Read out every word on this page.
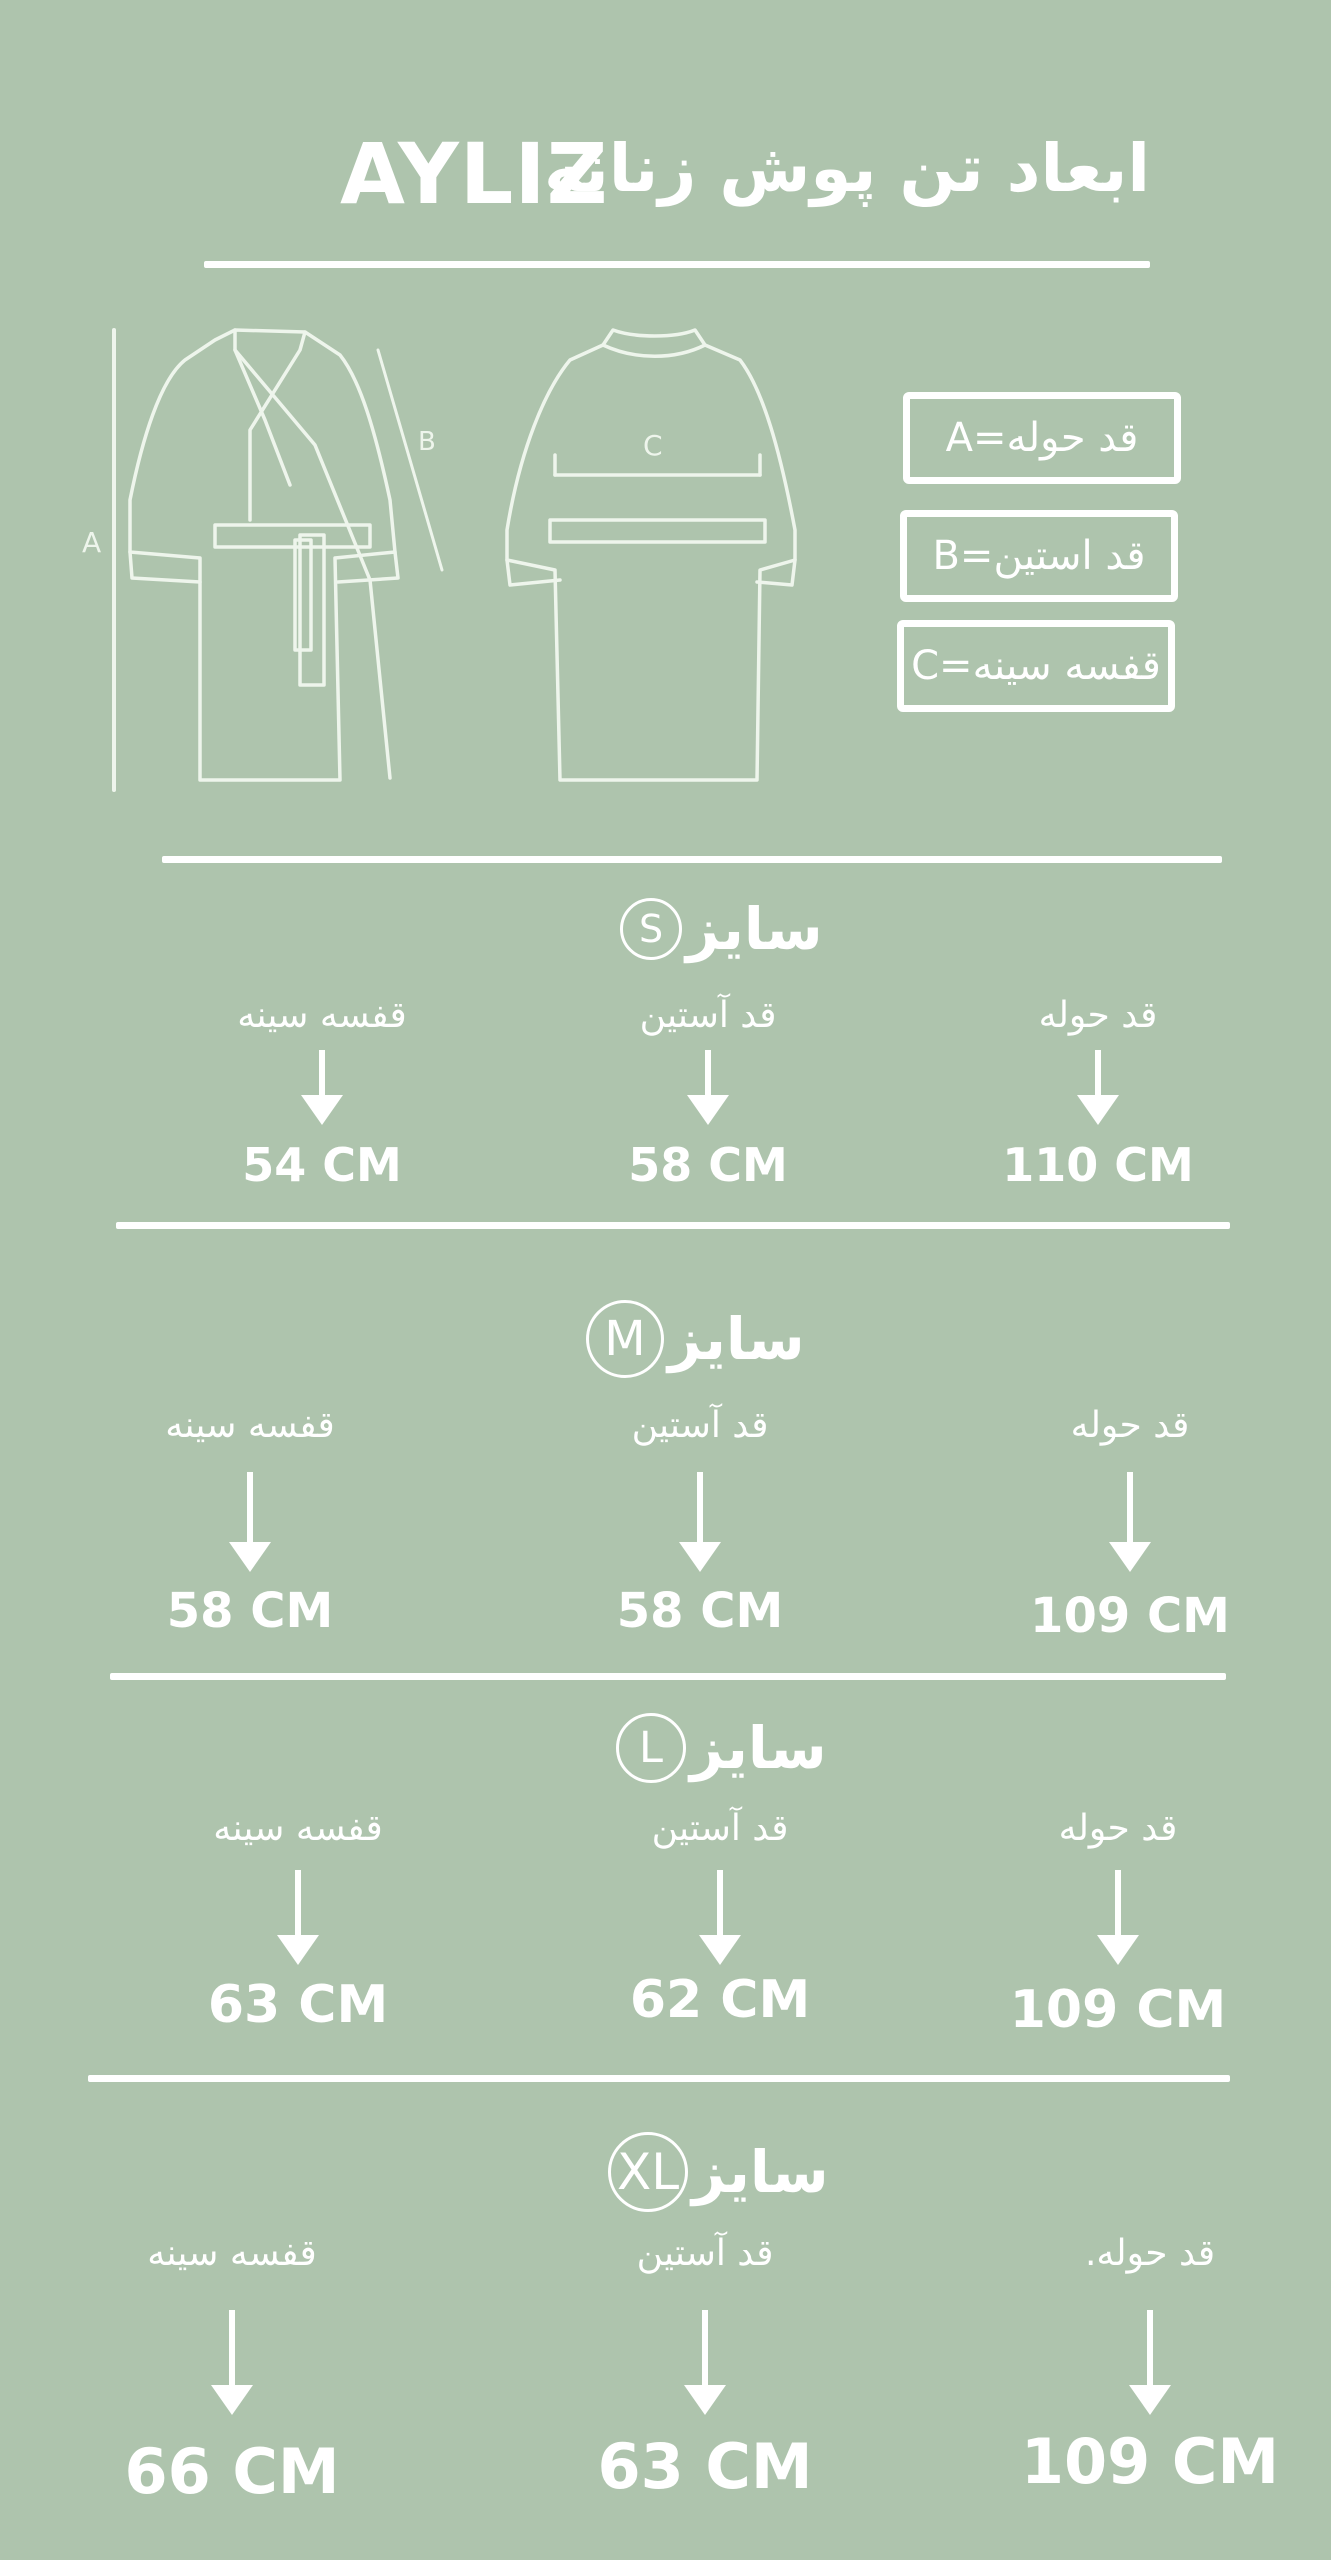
ابعاد تن پوش زنانه
AYLIZ
A
B	C	A=قد حوله
B=قد استین
C=قفسه سینه
S سایز
قد حوله
110 CM
قد آستین
58 CM
قفسه سینه
54 CM
M سایز
قد حوله
109 CM
قد آستین
58 CM
قفسه سینه
58 CM
L سایز
قد حوله
109 CM
قد آستین
62 CM
قفسه سینه
63 CM
XL سایز
قد حوله.
109 CM
قد آستین
63 CM
قفسه سینه
66 CM
